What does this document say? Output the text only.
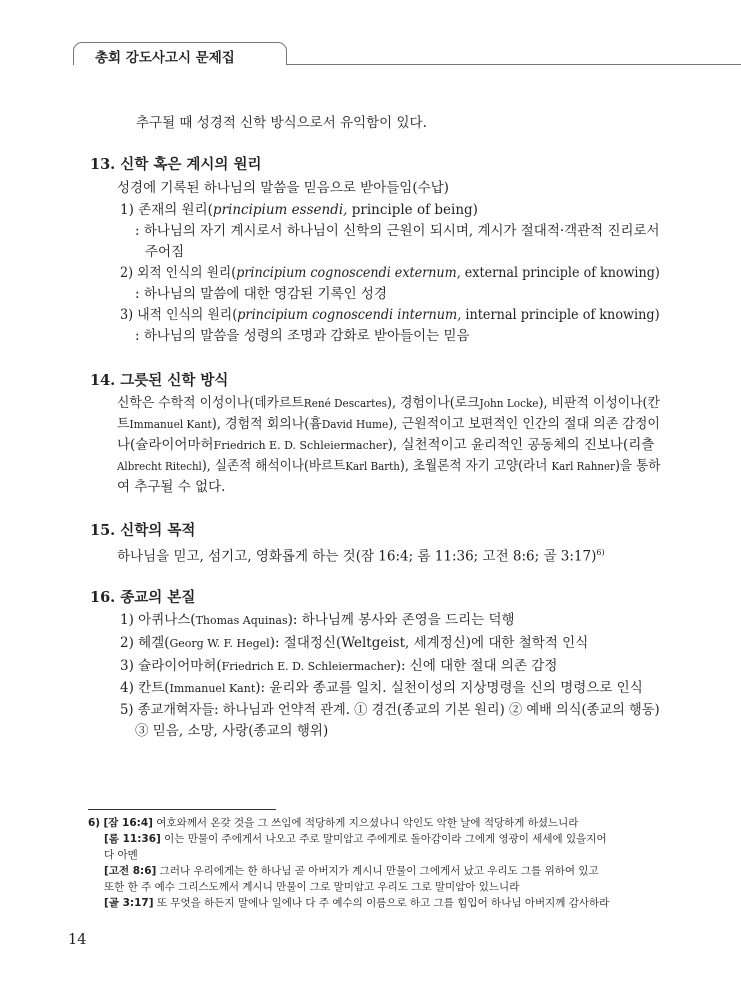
총회 강도사고시 문제집
추구될 때 성경적 신학 방식으로서 유익함이 있다.
13. 신학 혹은 계시의 원리
성경에 기록된 하나님의 말씀을 믿음으로 받아들임(수납)
1) 존재의 원리(principium essendi, principle of being)
: 하나님의 자기 계시로서 하나님이 신학의 근원이 되시며, 계시가 절대적·객관적 진리로서
주어짐
2) 외적 인식의 원리(principium cognoscendi externum, external principle of knowing)
: 하나님의 말씀에 대한 영감된 기록인 성경
3) 내적 인식의 원리(principium cognoscendi internum, internal principle of knowing)
: 하나님의 말씀을 성령의 조명과 감화로 받아들이는 믿음
14. 그릇된 신학 방식
신학은 수학적 이성이나(데카르트René Descartes), 경험이나(로크John Locke), 비판적 이성이나(칸
트Immanuel Kant), 경험적 회의나(흄David Hume), 근원적이고 보편적인 인간의 절대 의존 감정이
나(슐라이어마허Friedrich E. D. Schleiermacher), 실천적이고 윤리적인 공동체의 진보나(리츨
Albrecht Ritechl), 실존적 해석이나(바르트Karl Barth), 초월론적 자기 고양(라너 Karl Rahner)을 통하
여 추구될 수 없다.
15. 신학의 목적
하나님을 믿고, 섬기고, 영화롭게 하는 것(잠 16:4; 롬 11:36; 고전 8:6; 골 3:17)$^{6)}$
16. 종교의 본질
1) 아퀴나스(Thomas Aquinas): 하나님께 봉사와 존영을 드리는 덕행
2) 헤겔(Georg W. F. Hegel): 절대정신(Weltgeist, 세계정신)에 대한 철학적 인식
3) 슐라이어마허(Friedrich E. D. Schleiermacher): 신에 대한 절대 의존 감정
4) 칸트(Immanuel Kant): 윤리와 종교를 일치. 실천이성의 지상명령을 신의 명령으로 인식
5) 종교개혁자들: 하나님과 언약적 관계. ① 경건(종교의 기본 원리) ② 예배 의식(종교의 행동)
③ 믿음, 소망, 사랑(종교의 행위)
6) [잠 16:4] 여호와께서 온갖 것을 그 쓰임에 적당하게 지으셨나니 악인도 악한 날에 적당하게 하셨느니라
[롬 11:36] 이는 만물이 주에게서 나오고 주로 말미암고 주에게로 돌아감이라 그에게 영광이 세세에 있을지어
다 아멘
[고전 8:6] 그러나 우리에게는 한 하나님 곧 아버지가 계시니 만물이 그에게서 났고 우리도 그를 위하여 있고
또한 한 주 예수 그리스도께서 계시니 만물이 그로 말미암고 우리도 그로 말미암아 있느니라
[골 3:17] 또 무엇을 하든지 말에나 일에나 다 주 예수의 이름으로 하고 그를 힘입어 하나님 아버지께 감사하라
14
